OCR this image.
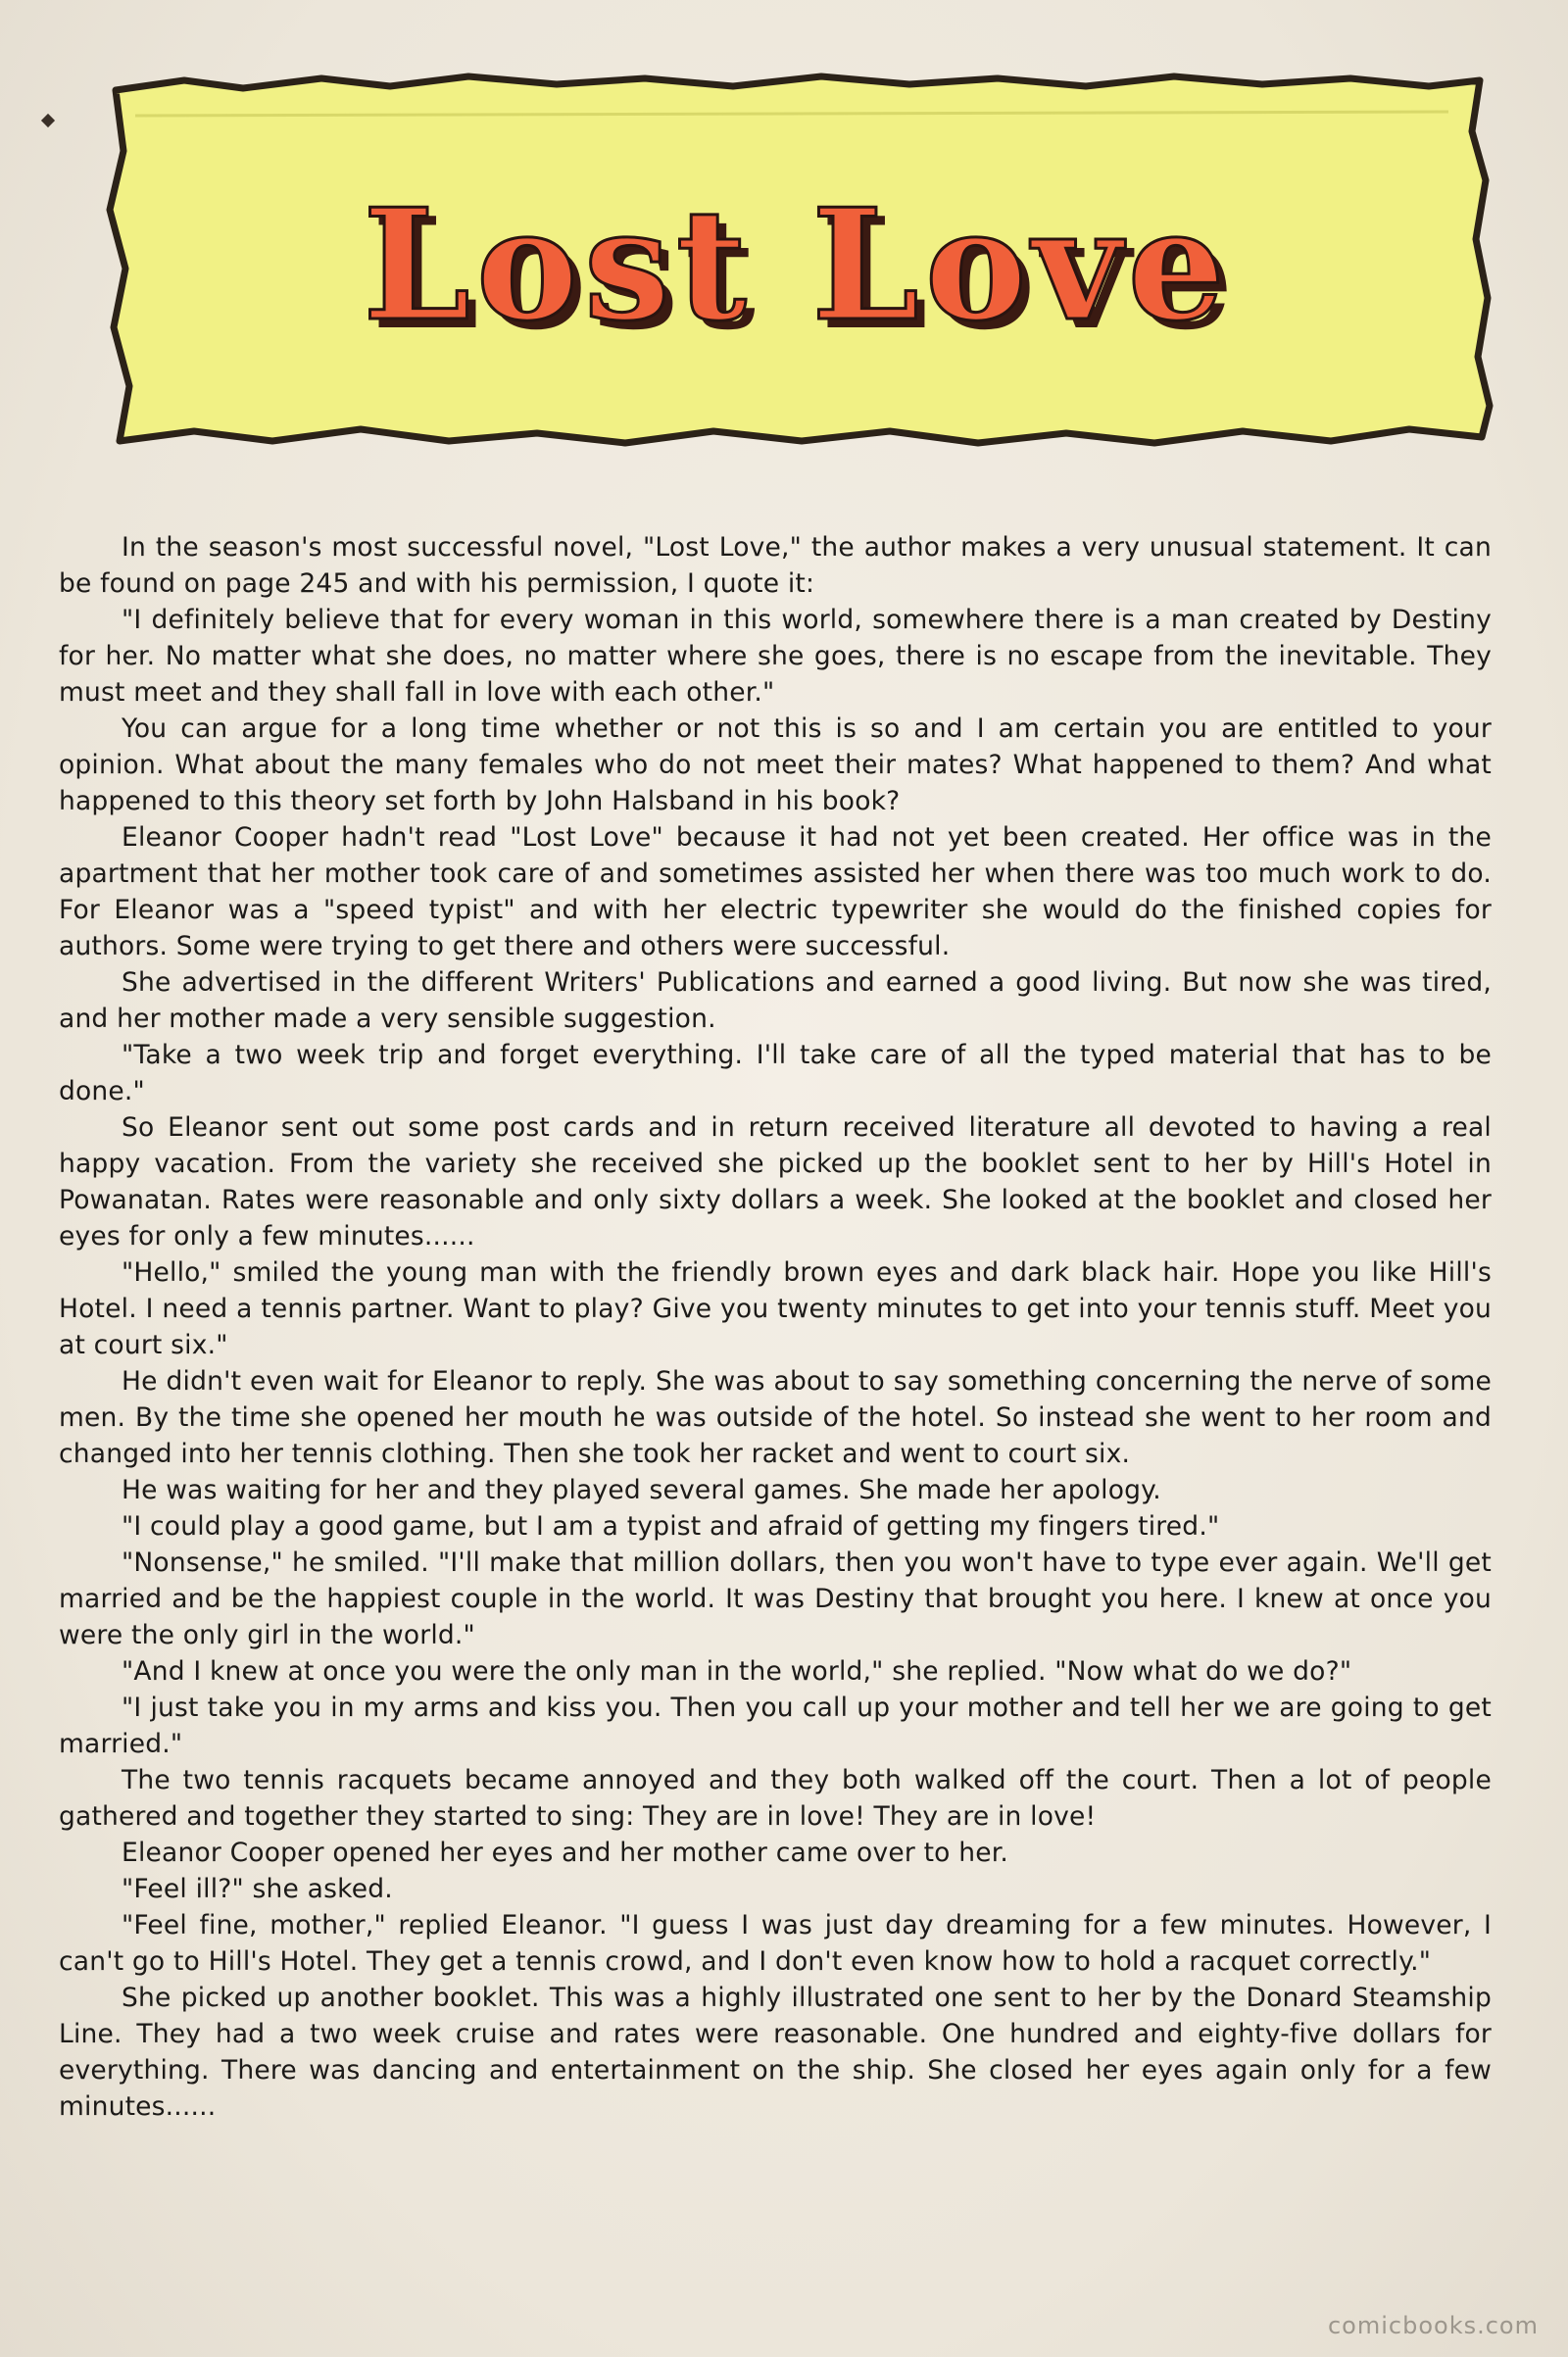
Lost Love

In the season's most successful novel, "Lost Love," the author makes a very unusual statement. It can be found on page 245 and with his permission, I quote it:

"I definitely believe that for every woman in this world, somewhere there is a man created by Destiny for her. No matter what she does, no matter where she goes, there is no escape from the inevitable. They must meet and they shall fall in love with each other."

You can argue for a long time whether or not this is so and I am certain you are entitled to your opinion. What about the many females who do not meet their mates? What happened to them? And what happened to this theory set forth by John Halsband in his book?

Eleanor Cooper hadn't read "Lost Love" because it had not yet been created. Her office was in the apartment that her mother took care of and sometimes assisted her when there was too much work to do. For Eleanor was a "speed typist" and with her electric typewriter she would do the finished copies for authors. Some were trying to get there and others were successful.

She advertised in the different Writers' Publications and earned a good living. But now she was tired, and her mother made a very sensible suggestion.

"Take a two week trip and forget everything. I'll take care of all the typed material that has to be done."

So Eleanor sent out some post cards and in return received literature all devoted to having a real happy vacation. From the variety she received she picked up the booklet sent to her by Hill's Hotel in Powanatan. Rates were reasonable and only sixty dollars a week. She looked at the booklet and closed her eyes for only a few minutes......

"Hello," smiled the young man with the friendly brown eyes and dark black hair. Hope you like Hill's Hotel. I need a tennis partner. Want to play? Give you twenty minutes to get into your tennis stuff. Meet you at court six."

He didn't even wait for Eleanor to reply. She was about to say something concerning the nerve of some men. By the time she opened her mouth he was outside of the hotel. So instead she went to her room and changed into her tennis clothing. Then she took her racket and went to court six.

He was waiting for her and they played several games. She made her apology.

"I could play a good game, but I am a typist and afraid of getting my fingers tired."

"Nonsense," he smiled. "I'll make that million dollars, then you won't have to type ever again. We'll get married and be the happiest couple in the world. It was Destiny that brought you here. I knew at once you were the only girl in the world."

"And I knew at once you were the only man in the world," she replied. "Now what do we do?"

"I just take you in my arms and kiss you. Then you call up your mother and tell her we are going to get married."

The two tennis racquets became annoyed and they both walked off the court. Then a lot of people gathered and together they started to sing: They are in love! They are in love!

Eleanor Cooper opened her eyes and her mother came over to her.

"Feel ill?" she asked.

"Feel fine, mother," replied Eleanor. "I guess I was just day dreaming for a few minutes. However, I can't go to Hill's Hotel. They get a tennis crowd, and I don't even know how to hold a racquet correctly."

She picked up another booklet. This was a highly illustrated one sent to her by the Donard Steamship Line. They had a two week cruise and rates were reasonable. One hundred and eighty-five dollars for everything. There was dancing and entertainment on the ship. She closed her eyes again only for a few minutes......

comicbooks.com
